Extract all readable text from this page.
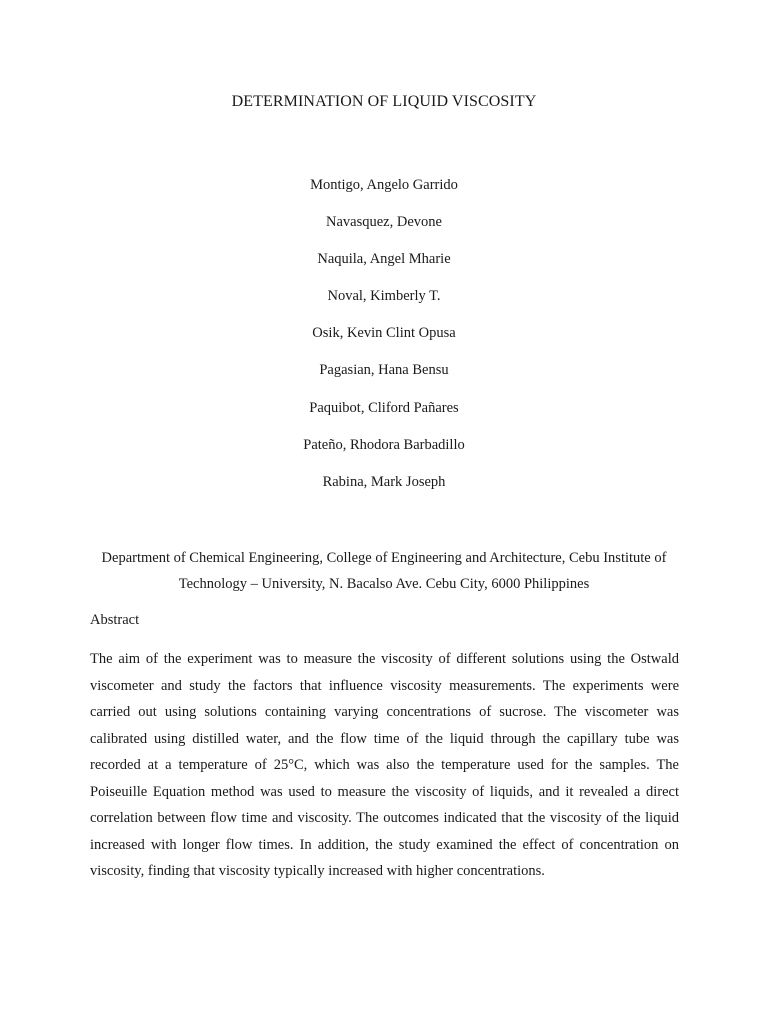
DETERMINATION OF LIQUID VISCOSITY
Montigo, Angelo Garrido
Navasquez, Devone
Naquila, Angel Mharie
Noval, Kimberly T.
Osik, Kevin Clint Opusa
Pagasian, Hana Bensu
Paquibot, Cliford Pañares
Pateño, Rhodora Barbadillo
Rabina, Mark Joseph
Department of Chemical Engineering, College of Engineering and Architecture, Cebu Institute of Technology – University, N. Bacalso Ave. Cebu City, 6000 Philippines
Abstract

The aim of the experiment was to measure the viscosity of different solutions using the Ostwald viscometer and study the factors that influence viscosity measurements. The experiments were carried out using solutions containing varying concentrations of sucrose. The viscometer was calibrated using distilled water, and the flow time of the liquid through the capillary tube was recorded at a temperature of 25°C, which was also the temperature used for the samples. The Poiseuille Equation method was used to measure the viscosity of liquids, and it revealed a direct correlation between flow time and viscosity. The outcomes indicated that the viscosity of the liquid increased with longer flow times. In addition, the study examined the effect of concentration on viscosity, finding that viscosity typically increased with higher concentrations.
